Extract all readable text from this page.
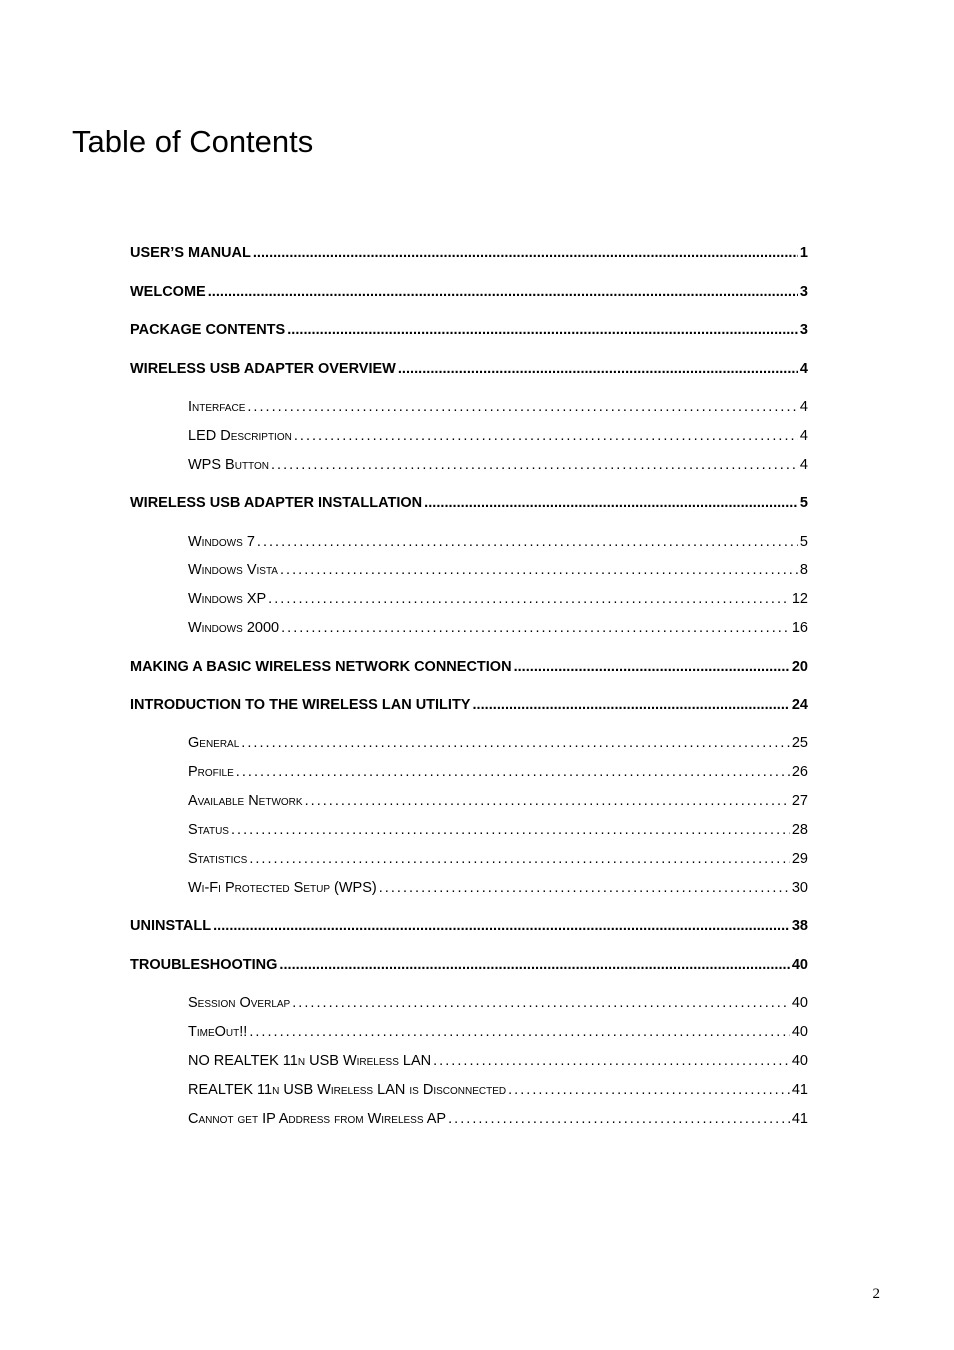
Table of Contents
USER’S MANUAL . . .	1
WELCOME . . .	3
PACKAGE CONTENTS . . .	3
WIRELESS USB ADAPTER OVERVIEW . . .	4
Interface . . .	4
LED Description . . .	4
WPS Button . . .	4
WIRELESS USB ADAPTER INSTALLATION . . .	5
Windows 7 . . .	5
Windows Vista . . .	8
Windows XP . . .	12
Windows 2000 . . .	16
MAKING A BASIC WIRELESS NETWORK CONNECTION . . .	20
INTRODUCTION TO THE WIRELESS LAN UTILITY . . .	24
General . . .	25
Profile . . .	26
Available Network . . .	27
Status . . .	28
Statistics . . .	29
Wi-Fi Protected Setup (WPS) . . .	30
UNINSTALL . . .	38
TROUBLESHOOTING . . .	40
Session Overlap . . .	40
TimeOut!! . . .	40
NO REALTEK 11n USB Wireless LAN . . .	40
REALTEK 11n USB Wireless LAN is Disconnected . . .	41
Cannot get IP Address from Wireless AP . . .	41
2
